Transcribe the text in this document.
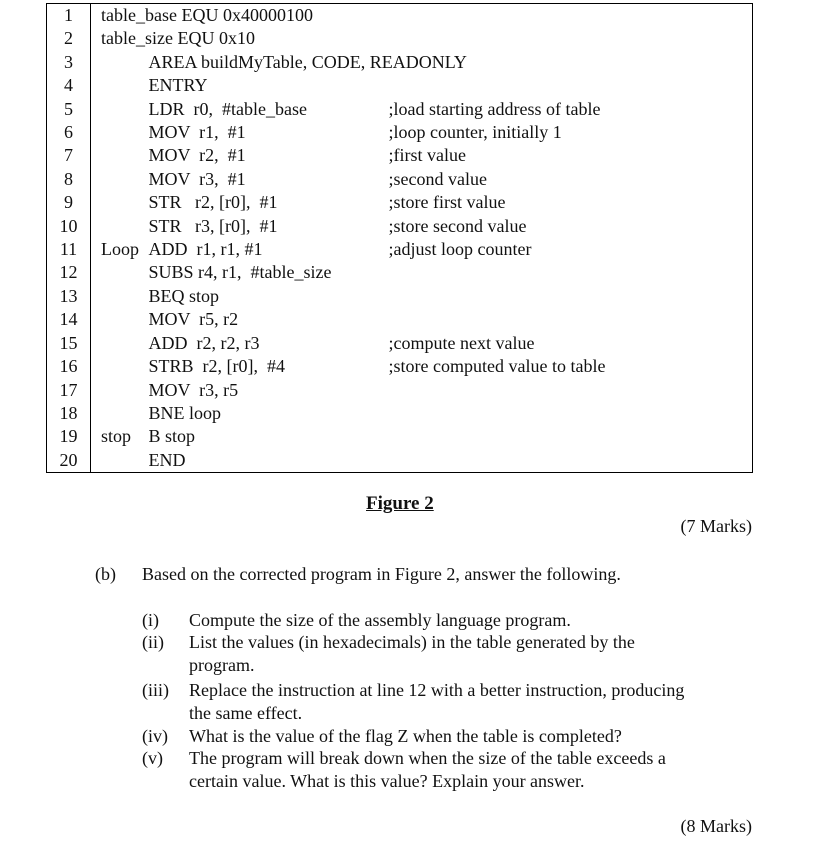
1	table_base EQU 0x40000100		
2	table_size EQU 0x10		
3		AREA buildMyTable, CODE, READONLY	
4		ENTRY	
5		LDR  r0,  #table_base	;load starting address of table
6		MOV  r1,  #1	;loop counter, initially 1
7		MOV  r2,  #1	;first value
8		MOV  r3,  #1	;second value
9		STR   r2, [r0],  #1	;store first value
10		STR   r3, [r0],  #1	;store second value
11	Loop	ADD  r1, r1, #1	;adjust loop counter
12		SUBS r4, r1,  #table_size	
13		BEQ stop	
14		MOV  r5, r2	
15		ADD  r2, r2, r3	;compute next value
16		STRB  r2, [r0],  #4	;store computed value to table
17		MOV  r3, r5	
18		BNE loop	
19	stop	B stop	
20		END	
Figure 2
(7 Marks)
(b) Based on the corrected program in Figure 2, answer the following.
(i) Compute the size of the assembly language program.
(ii) List the values (in hexadecimals) in the table generated by the
program.
(iii) Replace the instruction at line 12 with a better instruction, producing
the same effect.
(iv) What is the value of the flag Z when the table is completed?
(v) The program will break down when the size of the table exceeds a
certain value. What is this value? Explain your answer.
(8 Marks)
